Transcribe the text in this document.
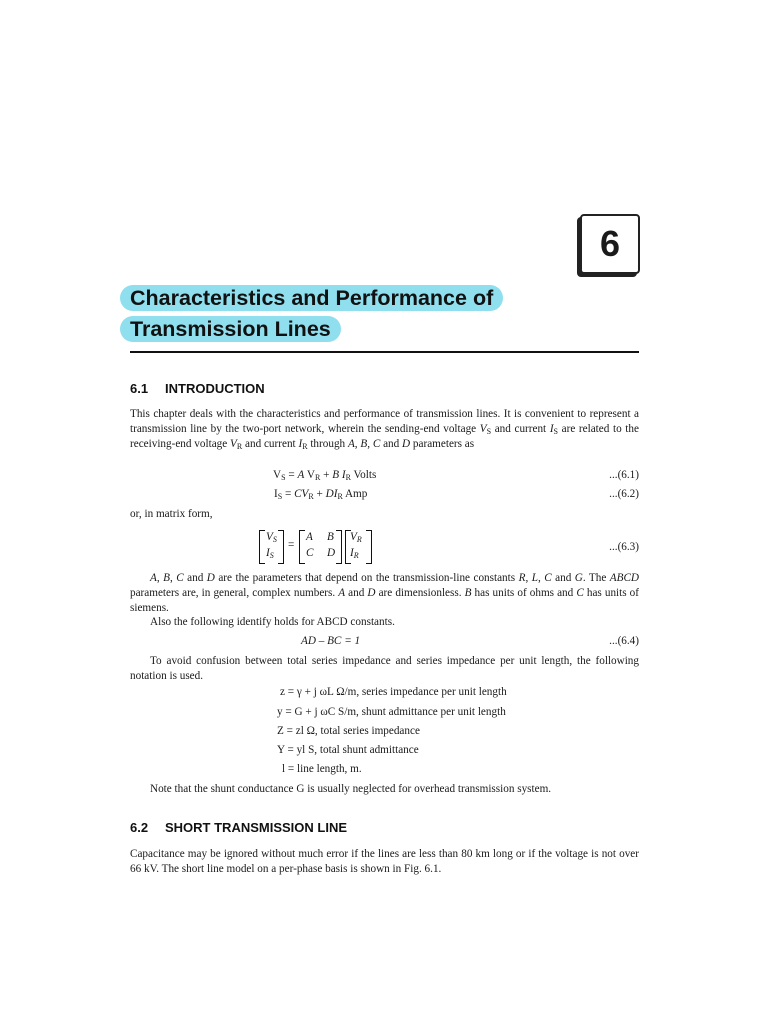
6
Characteristics and Performance of
Transmission Lines
6.1 INTRODUCTION
This chapter deals with the characteristics and performance of transmission lines. It is convenient to represent a transmission line by the two-port network, wherein the sending-end voltage $V_S$ and current $I_S$ are related to the receiving-end voltage $V_R$ and current $I_R$ through A, B, C and D parameters as
$V_S = A$ $V_R + B$ $I_R$ Volts	...(6.1)
$I_S = CV_R + DI_R$ Amp	...(6.2)
or, in matrix form,
$V_S$
$I_S$
=
A B
C D
$V_R$
$I_R$
...(6.3)
A, B, C and D are the parameters that depend on the transmission-line constants R, L, C and G. The ABCD parameters are, in general, complex numbers. A and D are dimensionless. B has units of ohms and C has units of siemens.
Also the following identify holds for ABCD constants.
AD – BC = 1	...(6.4)
To avoid confusion between total series impedance and series impedance per unit length, the following notation is used.
z = γ + j ωL Ω/m, series impedance per unit length
y = G + j ωC S/m, shunt admittance per unit length
Z = zl Ω, total series impedance
Y = yl S, total shunt admittance
l = line length, m.
Note that the shunt conductance G is usually neglected for overhead transmission system.
6.2 SHORT TRANSMISSION LINE
Capacitance may be ignored without much error if the lines are less than 80 km long or if the voltage is not over 66 kV. The short line model on a per-phase basis is shown in Fig. 6.1.
